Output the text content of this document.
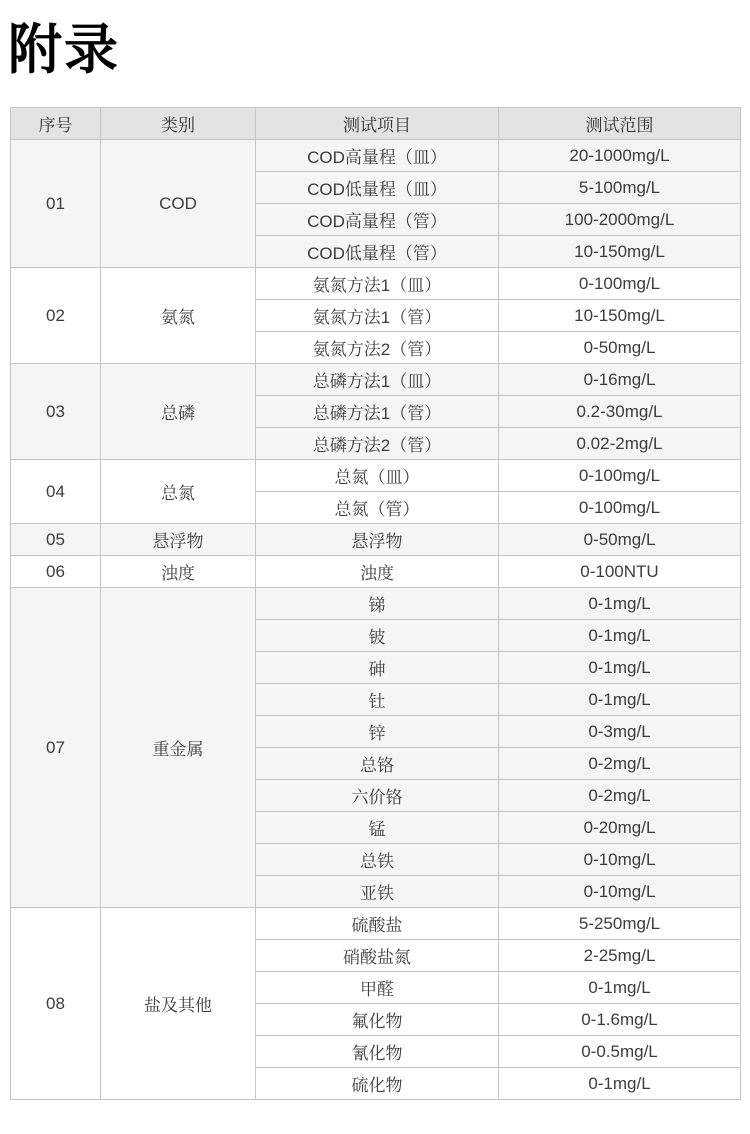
附录
序号	类别	测试项目	测试范围
01	COD	COD高量程（皿）	20-1000mg/L
		COD低量程（皿）	5-100mg/L
		COD高量程（管）	100-2000mg/L
		COD低量程（管）	10-150mg/L
02	氨氮	氨氮方法1（皿）	0-100mg/L
		氨氮方法1（管）	10-150mg/L
		氨氮方法2（管）	0-50mg/L
03	总磷	总磷方法1（皿）	0-16mg/L
		总磷方法1（管）	0.2-30mg/L
		总磷方法2（管）	0.02-2mg/L
04	总氮	总氮（皿）	0-100mg/L
		总氮（管）	0-100mg/L
05	悬浮物	悬浮物	0-50mg/L
06	浊度	浊度	0-100NTU
07	重金属	锑	0-1mg/L
		铍	0-1mg/L
		砷	0-1mg/L
		钍	0-1mg/L
		锌	0-3mg/L
		总铬	0-2mg/L
		六价铬	0-2mg/L
		锰	0-20mg/L
		总铁	0-10mg/L
		亚铁	0-10mg/L
08	盐及其他	硫酸盐	5-250mg/L
		硝酸盐氮	2-25mg/L
		甲醛	0-1mg/L
		氟化物	0-1.6mg/L
		氰化物	0-0.5mg/L
		硫化物	0-1mg/L
